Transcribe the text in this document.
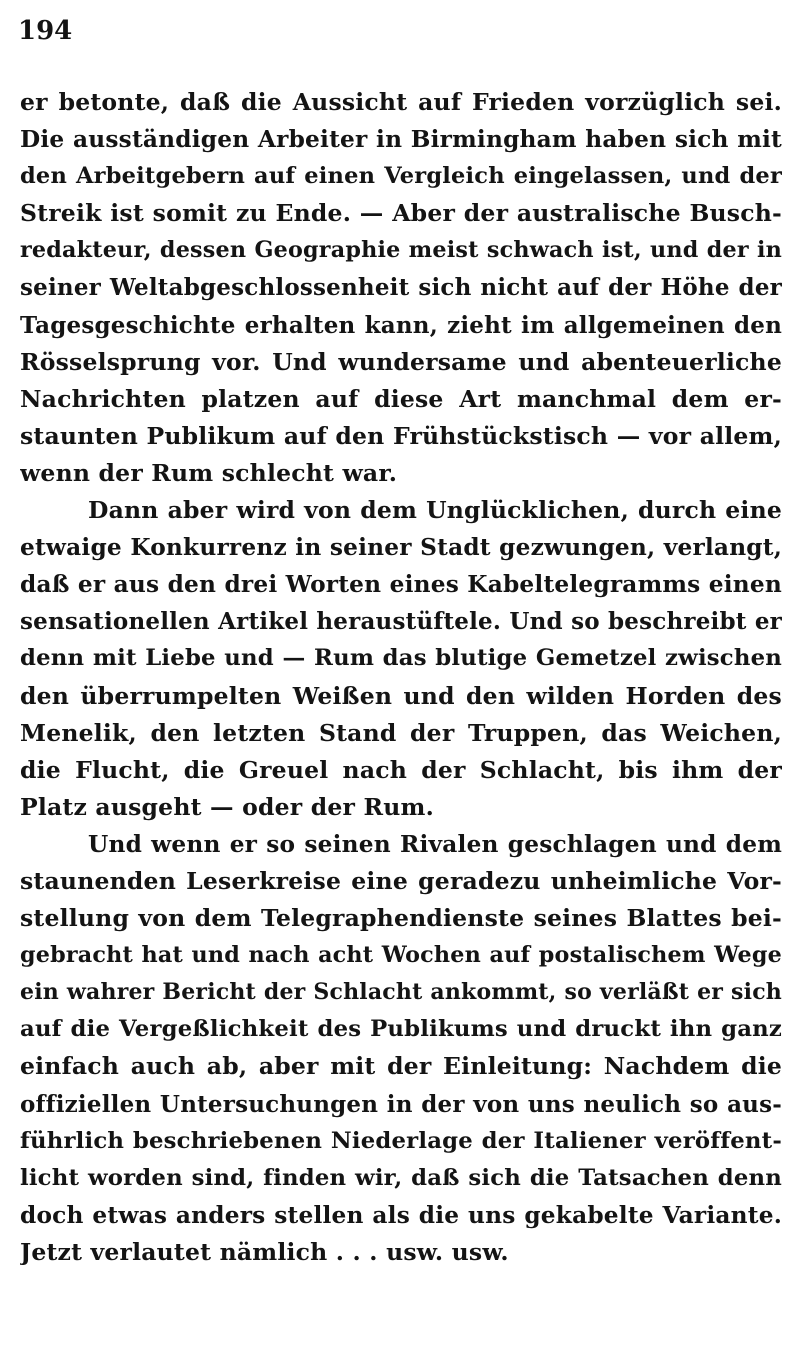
194
er betonte, daß die Aussicht auf Frieden vorzüglich sei.
Die ausständigen Arbeiter in Birmingham haben sich mit
den Arbeitgebern auf einen Vergleich eingelassen, und der
Streik ist somit zu Ende. — Aber der australische Busch-
redakteur, dessen Geographie meist schwach ist, und der in
seiner Weltabgeschlossenheit sich nicht auf der Höhe der
Tagesgeschichte erhalten kann, zieht im allgemeinen den
Rösselsprung vor. Und wundersame und abenteuerliche
Nachrichten platzen auf diese Art manchmal dem er-
staunten Publikum auf den Frühstückstisch — vor allem,
wenn der Rum schlecht war.
Dann aber wird von dem Unglücklichen, durch eine
etwaige Konkurrenz in seiner Stadt gezwungen, verlangt,
daß er aus den drei Worten eines Kabeltelegramms einen
sensationellen Artikel heraustüftele. Und so beschreibt er
denn mit Liebe und — Rum das blutige Gemetzel zwischen
den überrumpelten Weißen und den wilden Horden des
Menelik, den letzten Stand der Truppen, das Weichen,
die Flucht, die Greuel nach der Schlacht, bis ihm der
Platz ausgeht — oder der Rum.
Und wenn er so seinen Rivalen geschlagen und dem
staunenden Leserkreise eine geradezu unheimliche Vor-
stellung von dem Telegraphendienste seines Blattes bei-
gebracht hat und nach acht Wochen auf postalischem Wege
ein wahrer Bericht der Schlacht ankommt, so verläßt er sich
auf die Vergeßlichkeit des Publikums und druckt ihn ganz
einfach auch ab, aber mit der Einleitung: Nachdem die
offiziellen Untersuchungen in der von uns neulich so aus-
führlich beschriebenen Niederlage der Italiener veröffent-
licht worden sind, finden wir, daß sich die Tatsachen denn
doch etwas anders stellen als die uns gekabelte Variante.
Jetzt verlautet nämlich . . . usw. usw.
